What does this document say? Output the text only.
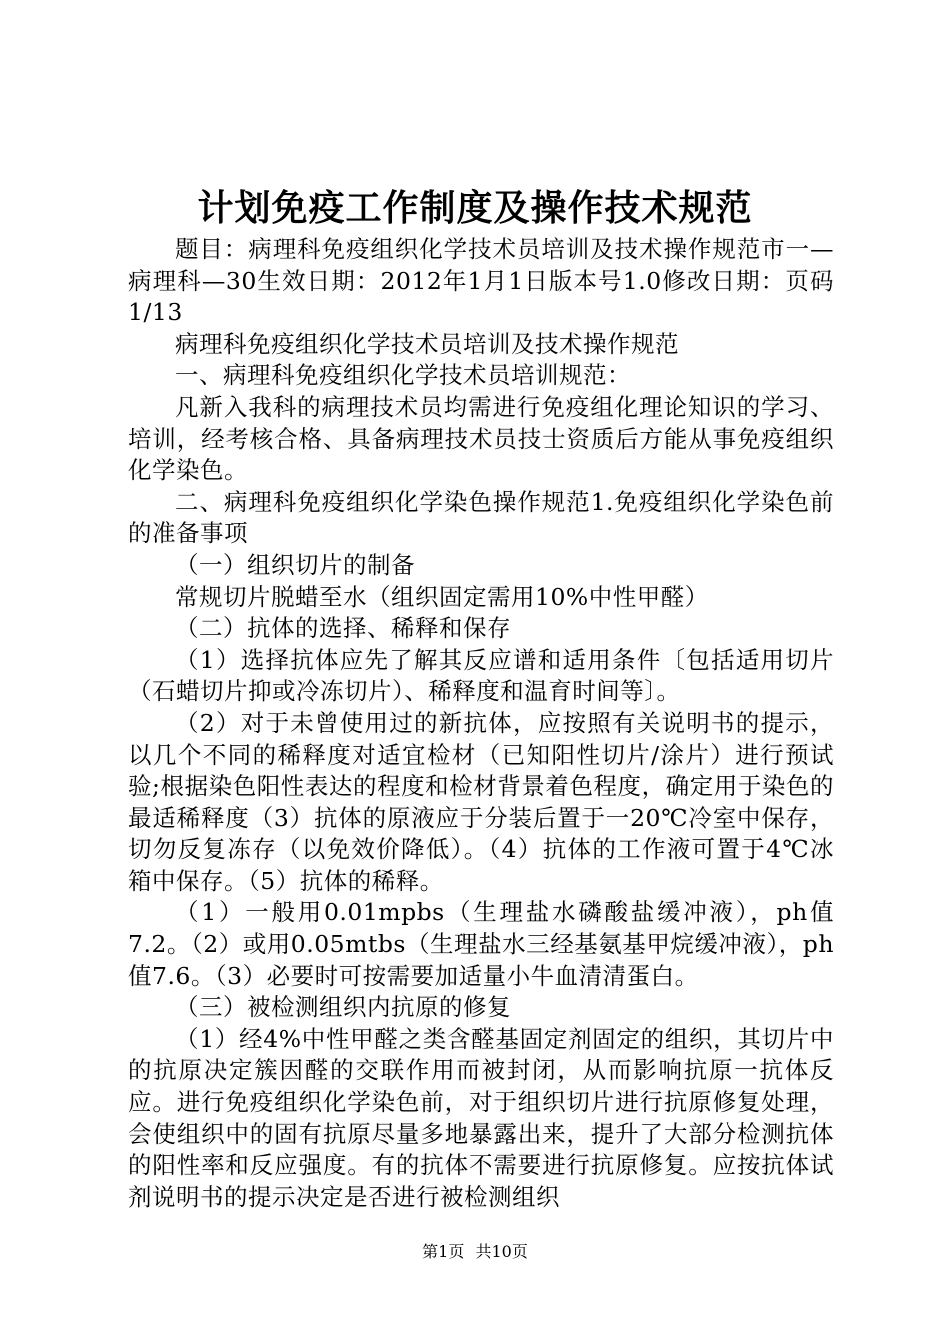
计划免疫工作制度及操作技术规范

题目：病理科免疫组织化学技术员培训及技术操作规范市一—病理科—30生效日期：2012年1月1日版本号1.0修改日期：页码1/13

病理科免疫组织化学技术员培训及技术操作规范

一、病理科免疫组织化学技术员培训规范：

凡新入我科的病理技术员均需进行免疫组化理论知识的学习、培训，经考核合格、具备病理技术员技士资质后方能从事免疫组织化学染色。

二、病理科免疫组织化学染色操作规范1.免疫组织化学染色前的准备事项

（一）组织切片的制备

常规切片脱蜡至水（组织固定需用10%中性甲醛）

（二）抗体的选择、稀释和保存

（1）选择抗体应先了解其反应谱和适用条件〔包括适用切片（石蜡切片抑或冷冻切片）、稀释度和温育时间等〕。

（2）对于未曾使用过的新抗体，应按照有关说明书的提示，以几个不同的稀释度对适宜检材（已知阳性切片/涂片）进行预试验;根据染色阳性表达的程度和检材背景着色程度，确定用于染色的最适稀释度（3）抗体的原液应于分装后置于一20℃冷室中保存，切勿反复冻存（以免效价降低）。（4）抗体的工作液可置于4℃冰箱中保存。（5）抗体的稀释。

（1）一般用0.01mpbs（生理盐水磷酸盐缓冲液），ph值7.2。（2）或用0.05mtbs（生理盐水三经基氨基甲烷缓冲液），ph值7.6。（3）必要时可按需要加适量小牛血清清蛋白。

（三）被检测组织内抗原的修复

（1）经4%中性甲醛之类含醛基固定剂固定的组织，其切片中的抗原决定簇因醛的交联作用而被封闭，从而影响抗原一抗体反应。进行免疫组织化学染色前，对于组织切片进行抗原修复处理，会使组织中的固有抗原尽量多地暴露出来，提升了大部分检测抗体的阳性率和反应强度。有的抗体不需要进行抗原修复。应按抗体试剂说明书的提示决定是否进行被检测组织

第1页 共10页
